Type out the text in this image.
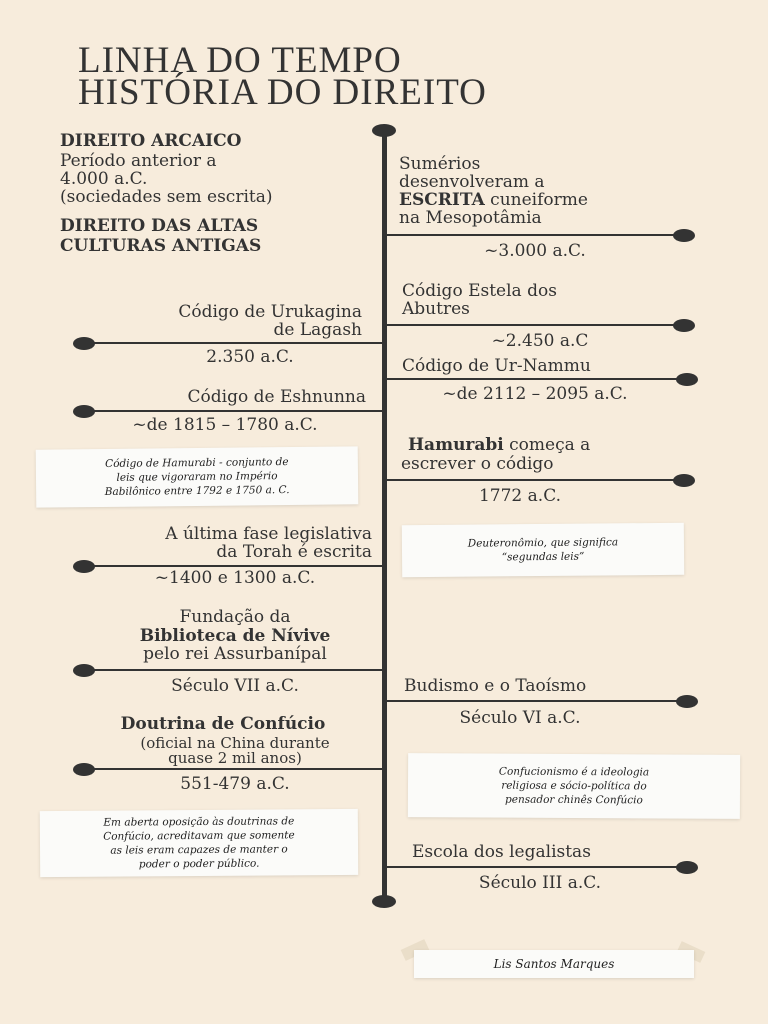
LINHA DO TEMPO
HISTÓRIA DO DIREITO
DIREITO ARCAICO
Período anterior a
4.000 a.C.
(sociedades sem escrita)
DIREITO DAS ALTAS
CULTURAS ANTIGAS
Código de Urukagina
de Lagash
2.350 a.C.
Código de Eshnunna
~de 1815 – 1780 a.C.
Código de Hamurabi - conjunto de
leis que vigoraram no Império
Babilônico entre 1792 e 1750 a. C.
A última fase legislativa
da Torah é escrita
~1400 e 1300 a.C.
Fundação da
Biblioteca de Nívive
pelo rei Assurbanípal
Século VII a.C.
Doutrina de Confúcio
(oficial na China durante
quase 2 mil anos)
551-479 a.C.
Em aberta oposição às doutrinas de
Confúcio, acreditavam que somente
as leis eram capazes de manter o
poder o poder público.
Sumérios
desenvolveram a
ESCRITA cuneiforme
na Mesopotâmia
~3.000 a.C.
Código Estela dos
Abutres
~2.450 a.C
Código de Ur-Nammu
~de 2112 – 2095 a.C.
Hamurabi começa a
escrever o código
1772 a.C.
Deuteronômio, que significa
“segundas leis”
Budismo e o Taoísmo
Século VI a.C.
Confucionismo é a ideologia
religiosa e sócio-política do
pensador chinês Confúcio
Escola dos legalistas
Século III a.C.
Lis Santos Marques
